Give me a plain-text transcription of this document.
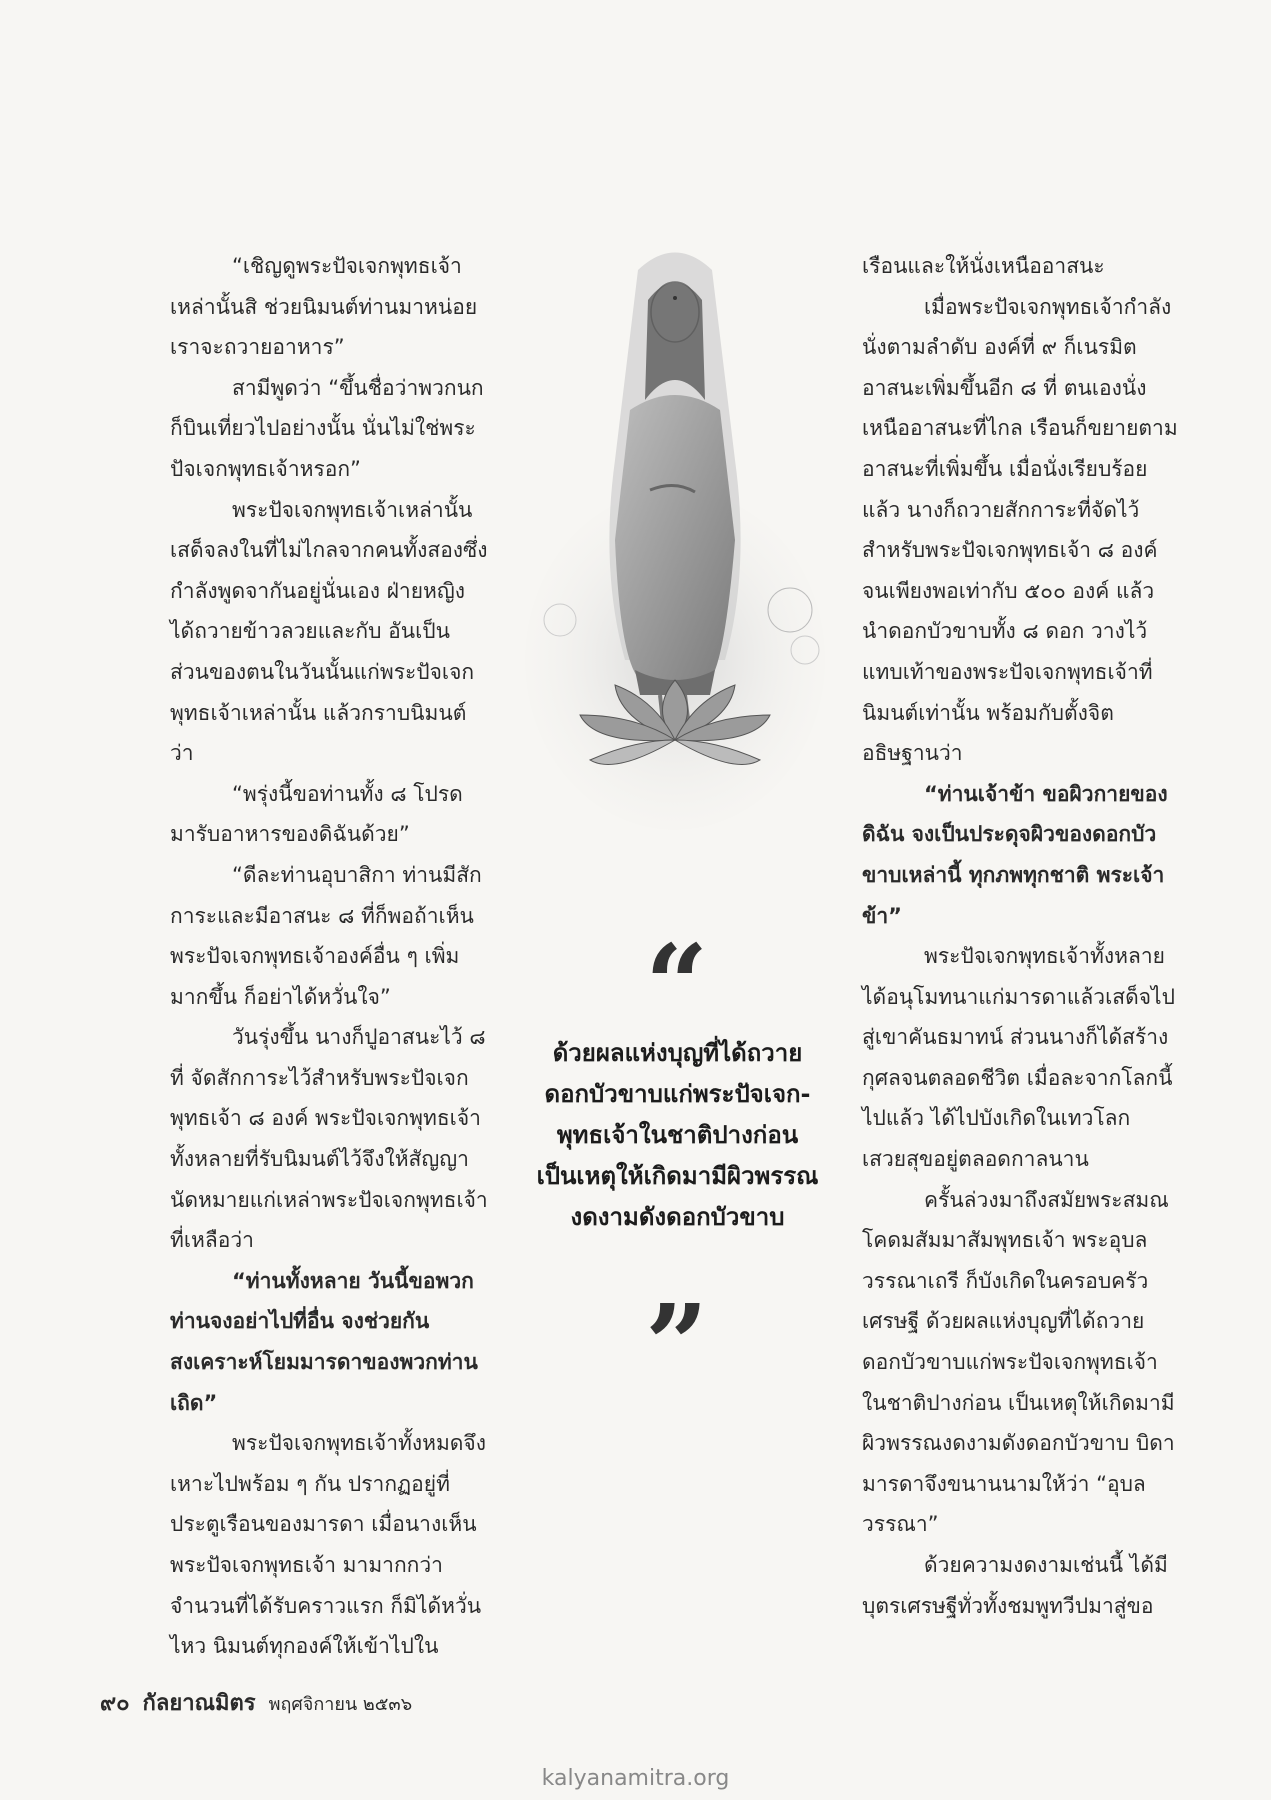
“เชิญดูพระปัจเจกพุทธเจ้าเหล่านั้นสิ ช่วยนิมนต์ท่านมาหน่อยเราจะถวายอาหาร”

สามีพูดว่า “ขึ้นชื่อว่าพวกนกก็บินเที่ยวไปอย่างนั้น นั่นไม่ใช่พระปัจเจกพุทธเจ้าหรอก”

พระปัจเจกพุทธเจ้าเหล่านั้นเสด็จลงในที่ไม่ไกลจากคนทั้งสองซึ่งกำลังพูดจากันอยู่นั่นเอง ฝ่ายหญิงได้ถวายข้าวลวยและกับ อันเป็นส่วนของตนในวันนั้นแก่พระปัจเจกพุทธเจ้าเหล่านั้น แล้วกราบนิมนต์ว่า

“พรุ่งนี้ขอท่านทั้ง ๘ โปรดมารับอาหารของดิฉันด้วย”

“ดีละท่านอุบาสิกา ท่านมีสักการะและมีอาสนะ ๘ ที่ก็พอถ้าเห็นพระปัจเจกพุทธเจ้าองค์อื่น ๆ เพิ่มมากขึ้น ก็อย่าได้หวั่นใจ”

วันรุ่งขึ้น นางก็ปูอาสนะไว้ ๘ ที่ จัดสักการะไว้สำหรับพระปัจเจกพุทธเจ้า ๘ องค์ พระปัจเจกพุทธเจ้าทั้งหลายที่รับนิมนต์ไว้จึงให้สัญญานัดหมายแก่เหล่าพระปัจเจกพุทธเจ้าที่เหลือว่า

“ท่านทั้งหลาย วันนี้ขอพวกท่านจงอย่าไปที่อื่น จงช่วยกันสงเคราะห์โยมมารดาของพวกท่านเถิด”

พระปัจเจกพุทธเจ้าทั้งหมดจึงเหาะไปพร้อม ๆ กัน ปรากฏอยู่ที่ประตูเรือนของมารดา เมื่อนางเห็นพระปัจเจกพุทธเจ้า มามากกว่าจำนวนที่ได้รับคราวแรก ก็มิได้หวั่นไหว นิมนต์ทุกองค์ให้เข้าไปใน

“

ด้วยผลแห่งบุญที่ได้ถวาย

ดอกบัวขาบแก่พระปัจเจก-

พุทธเจ้าในชาติปางก่อน

เป็นเหตุให้เกิดมามีผิวพรรณ

งดงามดังดอกบัวขาบ

”

เรือนและให้นั่งเหนืออาสนะ

เมื่อพระปัจเจกพุทธเจ้ากำลังนั่งตามลำดับ องค์ที่ ๙ ก็เนรมิตอาสนะเพิ่มขึ้นอีก ๘ ที่ ตนเองนั่งเหนืออาสนะที่ไกล เรือนก็ขยายตามอาสนะที่เพิ่มขึ้น เมื่อนั่งเรียบร้อยแล้ว นางก็ถวายสักการะที่จัดไว้สำหรับพระปัจเจกพุทธเจ้า ๘ องค์ จนเพียงพอเท่ากับ ๕๐๐ องค์ แล้วนำดอกบัวขาบทั้ง ๘ ดอก วางไว้แทบเท้าของพระปัจเจกพุทธเจ้าที่นิมนต์เท่านั้น พร้อมกับตั้งจิตอธิษฐานว่า

“ท่านเจ้าข้า ขอผิวกายของดิฉัน จงเป็นประดุจผิวของดอกบัวขาบเหล่านี้ ทุกภพทุกชาติ พระเจ้าข้า”

พระปัจเจกพุทธเจ้าทั้งหลายได้อนุโมทนาแก่มารดาแล้วเสด็จไปสู่เขาคันธมาทน์ ส่วนนางก็ได้สร้างกุศลจนตลอดชีวิต เมื่อละจากโลกนี้ไปแล้ว ได้ไปบังเกิดในเทวโลก เสวยสุขอยู่ตลอดกาลนาน

ครั้นล่วงมาถึงสมัยพระสมณโคดมสัมมาสัมพุทธเจ้า พระอุบลวรรณาเถรี ก็บังเกิดในครอบครัวเศรษฐี ด้วยผลแห่งบุญที่ได้ถวายดอกบัวขาบแก่พระปัจเจกพุทธเจ้าในชาติปางก่อน เป็นเหตุให้เกิดมามีผิวพรรณงดงามดังดอกบัวขาบ บิดามารดาจึงขนานนามให้ว่า “อุบลวรรณา”

ด้วยความงดงามเช่นนี้ ได้มีบุตรเศรษฐีทั่วทั้งชมพูทวีปมาสู่ขอ

๙๐ กัลยาณมิตร พฤศจิกายน ๒๕๓๖
kalyanamitra.org
